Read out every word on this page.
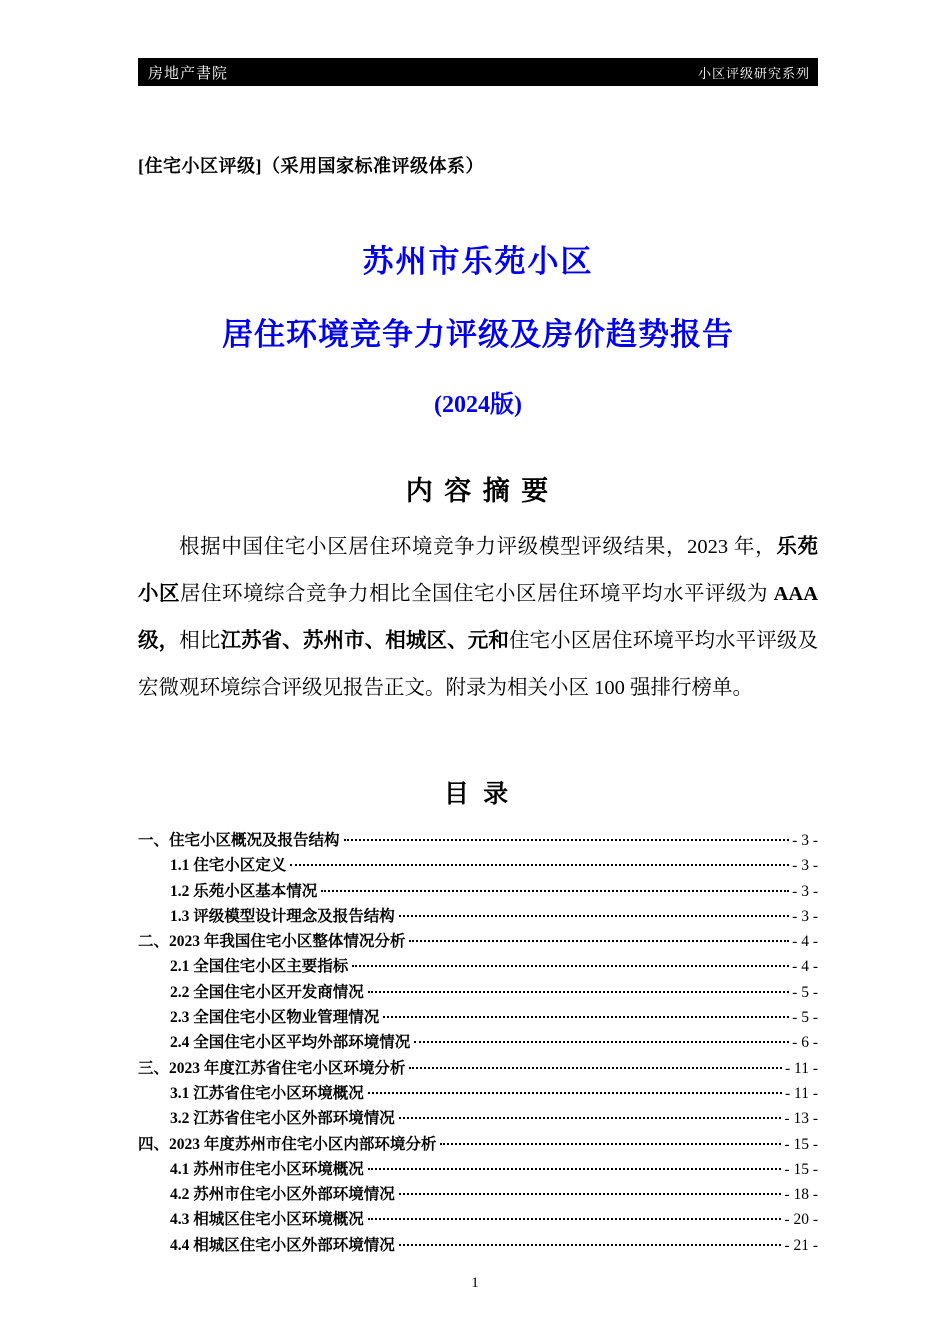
房地产書院	小区评级研究系列
[住宅小区评级]（采用国家标准评级体系）
苏州市乐苑小区
居住环境竞争力评级及房价趋势报告
(2024版)
内 容 摘 要

根据中国住宅小区居住环境竞争力评级模型评级结果，2023 年，乐苑小区居住环境综合竞争力相比全国住宅小区居住环境平均水平评级为 AAA 级，相比江苏省、苏州市、相城区、元和住宅小区居住环境平均水平评级及宏微观环境综合评级见报告正文。附录为相关小区 100 强排行榜单。

目 录
一、住宅小区概况及报告结构	- 3 -
1.1 住宅小区定义	- 3 -
1.2 乐苑小区基本情况	- 3 -
1.3 评级模型设计理念及报告结构	- 3 -
二、2023 年我国住宅小区整体情况分析	- 4 -
2.1 全国住宅小区主要指标	- 4 -
2.2 全国住宅小区开发商情况	- 5 -
2.3 全国住宅小区物业管理情况	- 5 -
2.4 全国住宅小区平均外部环境情况	- 6 -
三、2023 年度江苏省住宅小区环境分析	- 11 -
3.1 江苏省住宅小区环境概况	- 11 -
3.2 江苏省住宅小区外部环境情况	- 13 -
四、2023 年度苏州市住宅小区内部环境分析	- 15 -
4.1 苏州市住宅小区环境概况	- 15 -
4.2 苏州市住宅小区外部环境情况	- 18 -
4.3 相城区住宅小区环境概况	- 20 -
4.4 相城区住宅小区外部环境情况	- 21 -
1
